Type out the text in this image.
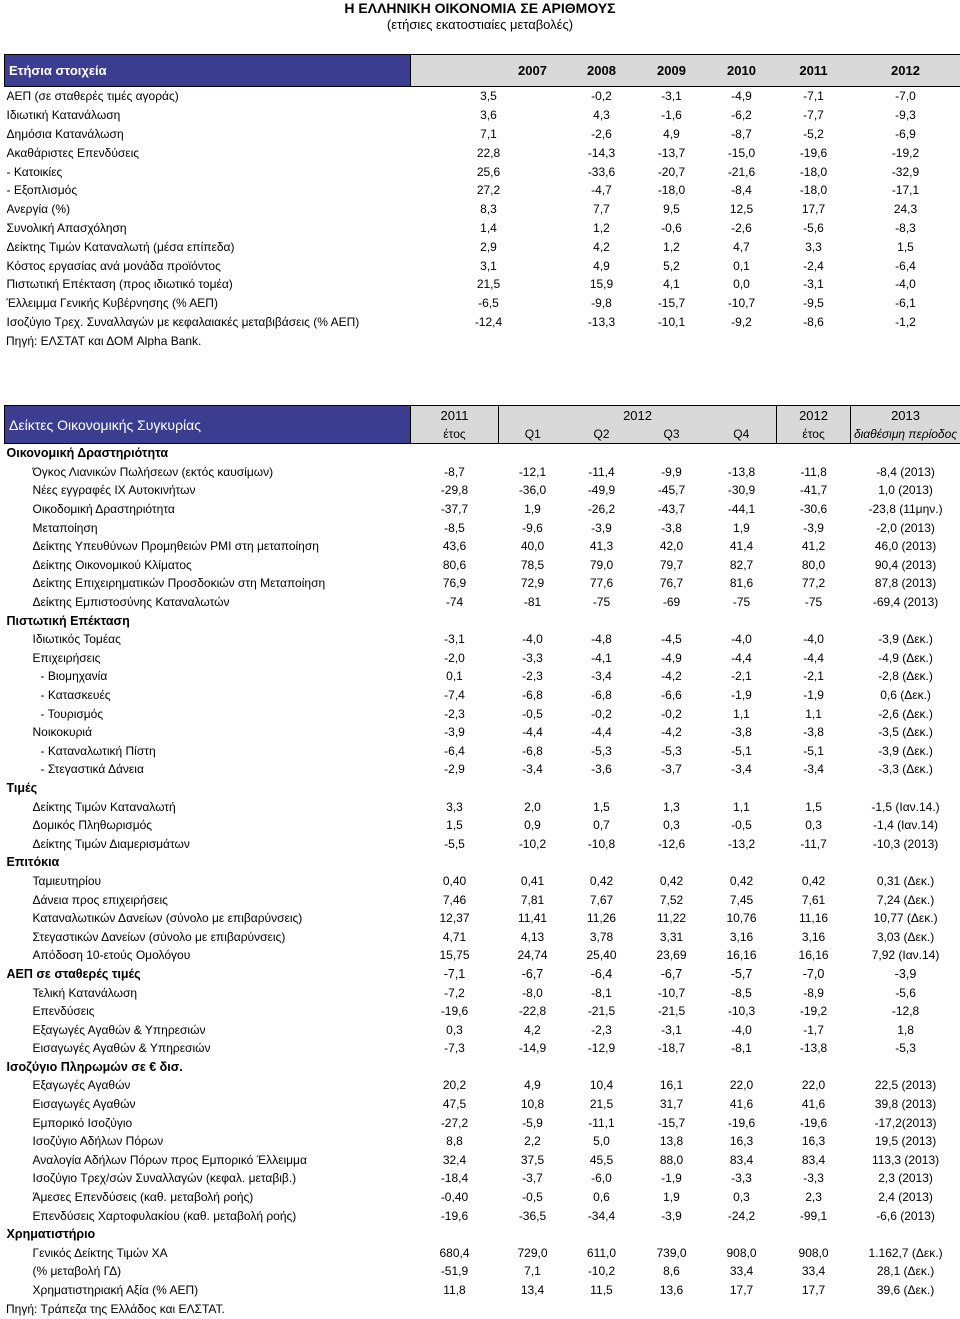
Η ΕΛΛΗΝΙΚΗ ΟΙΚΟΝΟΜΙΑ ΣΕ ΑΡΙΘΜΟΥΣ
(ετήσιες εκατοστιαίες μεταβολές)
Ετήσια στοιχεία		2007	2008	2009	2010	2011	2012	
ΑΕΠ (σε σταθερές τιμές αγοράς)	3,5		-0,2	-3,1	-4,9	-7,1	-7,0	
Ιδιωτική Κατανάλωση	3,6		4,3	-1,6	-6,2	-7,7	-9,3	
Δημόσια Κατανάλωση	7,1		-2,6	4,9	-8,7	-5,2	-6,9	
Ακαθάριστες Επενδύσεις	22,8		-14,3	-13,7	-15,0	-19,6	-19,2	
- Κατοικίες	25,6		-33,6	-20,7	-21,6	-18,0	-32,9	
- Εξοπλισμός	27,2		-4,7	-18,0	-8,4	-18,0	-17,1	
Ανεργία (%)	8,3		7,7	9,5	12,5	17,7	24,3	
Συνολική Απασχόληση	1,4		1,2	-0,6	-2,6	-5,6	-8,3	
Δείκτης Τιμών Καταναλωτή (μέσα επίπεδα)	2,9		4,2	1,2	4,7	3,3	1,5	
Κόστος εργασίας ανά μονάδα προϊόντος	3,1		4,9	5,2	0,1	-2,4	-6,4	
Πιστωτική Επέκταση (προς ιδιωτικό τομέα)	21,5		15,9	4,1	0,0	-3,1	-4,0	
Έλλειμμα Γενικής Κυβέρνησης (% ΑΕΠ)	-6,5		-9,8	-15,7	-10,7	-9,5	-6,1	
Ισοζύγιο Τρεχ. Συναλλαγών με κεφαλαιακές μεταβιβάσεις (% ΑΕΠ)	-12,4		-13,3	-10,1	-9,2	-8,6	-1,2	
Πηγή: ΕΛΣΤΑΤ και ΔΟΜ Alpha Bank.
Δείκτες Οικονομικής Συγκυρίας	2011	2012				2012	2013
	έτος	Q1	Q2	Q3	Q4	έτος	διαθέσιμη περίοδος
Οικονομική Δραστηριότητα							
Όγκος Λιανικών Πωλήσεων (εκτός καυσίμων)	-8,7	-12,1	-11,4	-9,9	-13,8	-11,8	-8,4 (2013)
Νέες εγγραφές ΙΧ Αυτοκινήτων	-29,8	-36,0	-49,9	-45,7	-30,9	-41,7	1,0 (2013)
Οικοδομική Δραστηριότητα	-37,7	1,9	-26,2	-43,7	-44,1	-30,6	-23,8 (11μην.)
Μεταποίηση	-8,5	-9,6	-3,9	-3,8	1,9	-3,9	-2,0 (2013)
Δείκτης Υπευθύνων Προμηθειών PMI στη μεταποίηση	43,6	40,0	41,3	42,0	41,4	41,2	46,0 (2013)
Δείκτης Οικονομικού Κλίματος	80,6	78,5	79,0	79,7	82,7	80,0	90,4 (2013)
Δείκτης Επιχειρηματικών Προσδοκιών στη Μεταποίηση	76,9	72,9	77,6	76,7	81,6	77,2	87,8 (2013)
Δείκτης Εμπιστοσύνης Καταναλωτών	-74	-81	-75	-69	-75	-75	-69,4 (2013)
Πιστωτική Επέκταση							
Ιδιωτικός Τομέας	-3,1	-4,0	-4,8	-4,5	-4,0	-4,0	-3,9 (Δεκ.)
Επιχειρήσεις	-2,0	-3,3	-4,1	-4,9	-4,4	-4,4	-4,9 (Δεκ.)
- Βιομηχανία	0,1	-2,3	-3,4	-4,2	-2,1	-2,1	-2,8 (Δεκ.)
- Κατασκευές	-7,4	-6,8	-6,8	-6,6	-1,9	-1,9	0,6 (Δεκ.)
- Τουρισμός	-2,3	-0,5	-0,2	-0,2	1,1	1,1	-2,6 (Δεκ.)
Νοικοκυριά	-3,9	-4,4	-4,4	-4,2	-3,8	-3,8	-3,5 (Δεκ.)
- Καταναλωτική Πίστη	-6,4	-6,8	-5,3	-5,3	-5,1	-5,1	-3,9 (Δεκ.)
- Στεγαστικά Δάνεια	-2,9	-3,4	-3,6	-3,7	-3,4	-3,4	-3,3 (Δεκ.)
Τιμές							
Δείκτης Τιμών Καταναλωτή	3,3	2,0	1,5	1,3	1,1	1,5	-1,5 (Ιαν.14.)
Δομικός Πληθωρισμός	1,5	0,9	0,7	0,3	-0,5	0,3	-1,4 (Ιαν.14)
Δείκτης Τιμών Διαμερισμάτων	-5,5	-10,2	-10,8	-12,6	-13,2	-11,7	-10,3 (2013)
Επιτόκια							
Ταμιευτηρίου	0,40	0,41	0,42	0,42	0,42	0,42	0,31 (Δεκ.)
Δάνεια προς επιχειρήσεις	7,46	7,81	7,67	7,52	7,45	7,61	7,24 (Δεκ.)
Καταναλωτικών Δανείων (σύνολο με επιβαρύνσεις)	12,37	11,41	11,26	11,22	10,76	11,16	10,77 (Δεκ.)
Στεγαστικών Δανείων (σύνολο με επιβαρύνσεις)	4,71	4,13	3,78	3,31	3,16	3,16	3,03 (Δεκ.)
Απόδοση 10-ετούς Ομολόγου	15,75	24,74	25,40	23,69	16,16	16,16	7,92 (Ιαν.14)
ΑΕΠ σε σταθερές τιμές	-7,1	-6,7	-6,4	-6,7	-5,7	-7,0	-3,9
Τελική Κατανάλωση	-7,2	-8,0	-8,1	-10,7	-8,5	-8,9	-5,6
Επενδύσεις	-19,6	-22,8	-21,5	-21,5	-10,3	-19,2	-12,8
Εξαγωγές Αγαθών & Υπηρεσιών	0,3	4,2	-2,3	-3,1	-4,0	-1,7	1,8
Εισαγωγές Αγαθών & Υπηρεσιών	-7,3	-14,9	-12,9	-18,7	-8,1	-13,8	-5,3
Ισοζύγιο Πληρωμών σε € δισ.							
Εξαγωγές Αγαθών	20,2	4,9	10,4	16,1	22,0	22,0	22,5 (2013)
Εισαγωγές Αγαθών	47,5	10,8	21,5	31,7	41,6	41,6	39,8 (2013)
Εμπορικό Ισοζύγιο	-27,2	-5,9	-11,1	-15,7	-19,6	-19,6	-17,2(2013)
Ισοζύγιο Αδήλων Πόρων	8,8	2,2	5,0	13,8	16,3	16,3	19,5 (2013)
Αναλογία Αδήλων Πόρων προς Εμπορικό Έλλειμμα	32,4	37,5	45,5	88,0	83,4	83,4	113,3 (2013)
Ισοζύγιο Τρεχ/σών Συναλλαγών (κεφαλ. μεταβιβ.)	-18,4	-3,7	-6,0	-1,9	-3,3	-3,3	2,3 (2013)
Άμεσες Επενδύσεις (καθ. μεταβολή ροής)	-0,40	-0,5	0,6	1,9	0,3	2,3	2,4 (2013)
Επενδύσεις Χαρτοφυλακίου (καθ. μεταβολή ροής)	-19,6	-36,5	-34,4	-3,9	-24,2	-99,1	-6,6 (2013)
Χρηματιστήριο							
Γενικός Δείκτης Τιμών ΧΑ	680,4	729,0	611,0	739,0	908,0	908,0	1.162,7 (Δεκ.)
(% μεταβολή ΓΔ)	-51,9	7,1	-10,2	8,6	33,4	33,4	28,1 (Δεκ.)
Χρηματιστηριακή Αξία (% ΑΕΠ)	11,8	13,4	11,5	13,6	17,7	17,7	39,6 (Δεκ.)
Πηγή: Τράπεζα της Ελλάδος και ΕΛΣΤΑΤ.
